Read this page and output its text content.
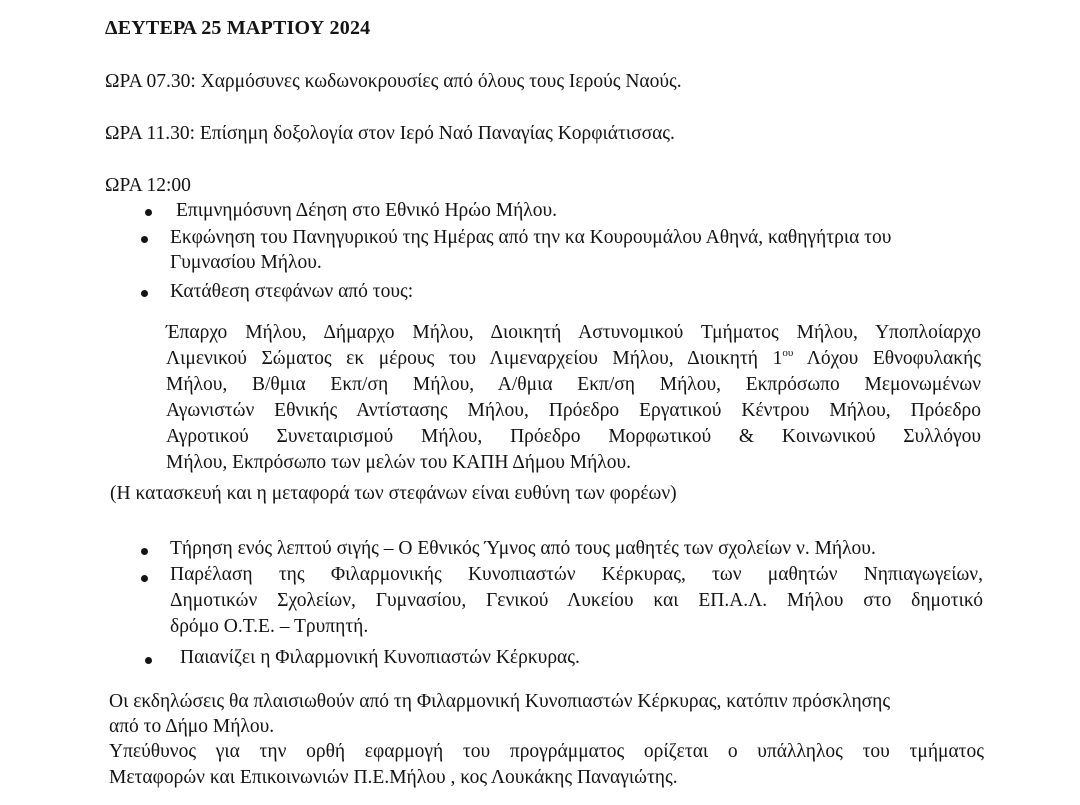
ΔΕΥΤΕΡΑ 25 ΜΑΡΤΙΟΥ 2024
ΩΡΑ 07.30: Χαρμόσυνες κωδωνοκρουσίες από όλους τους Ιερούς Ναούς.
ΩΡΑ 11.30: Επίσημη δοξολογία στον Ιερό Ναό Παναγίας Κορφιάτισσας.
ΩΡΑ 12:00
Επιμνημόσυνη Δέηση στο Εθνικό Ηρώο Μήλου.
Εκφώνηση του Πανηγυρικού της Ημέρας από την κα Κουρουμάλου Αθηνά, καθηγήτρια του
Γυμνασίου Μήλου.
Κατάθεση στεφάνων από τους:
Έπαρχο Μήλου, Δήμαρχο Μήλου, Διοικητή Αστυνομικού Τμήματος Μήλου, Υποπλοίαρχο
Λιμενικού Σώματος εκ μέρους του Λιμεναρχείου Μήλου, Διοικητή $1^{o\upsilon}$ Λόχου Εθνοφυλακής
Μήλου, Β/θμια Εκπ/ση Μήλου, Α/θμια Εκπ/ση Μήλου, Εκπρόσωπο Μεμονωμένων
Αγωνιστών Εθνικής Αντίστασης Μήλου, Πρόεδρο Εργατικού Κέντρου Μήλου, Πρόεδρο
Αγροτικού Συνεταιρισμού Μήλου, Πρόεδρο Μορφωτικού & Κοινωνικού Συλλόγου
Μήλου, Εκπρόσωπο των μελών του ΚΑΠΗ Δήμου Μήλου.
(Η κατασκευή και η μεταφορά των στεφάνων είναι ευθύνη των φορέων)
Τήρηση ενός λεπτού σιγής – Ο Εθνικός Ύμνος από τους μαθητές των σχολείων ν. Μήλου.
Παρέλαση της Φιλαρμονικής Κυνοπιαστών Κέρκυρας, των μαθητών Νηπιαγωγείων,
Δημοτικών Σχολείων, Γυμνασίου, Γενικού Λυκείου και ΕΠ.Α.Λ. Μήλου στο δημοτικό
δρόμο Ο.Τ.Ε. – Τρυπητή.
Παιανίζει η Φιλαρμονική Κυνοπιαστών Κέρκυρας.
Οι εκδηλώσεις θα πλαισιωθούν από τη Φιλαρμονική Κυνοπιαστών Κέρκυρας, κατόπιν πρόσκλησης
από το Δήμο Μήλου.
Υπεύθυνος για την ορθή εφαρμογή του προγράμματος ορίζεται ο υπάλληλος του τμήματος
Μεταφορών και Επικοινωνιών Π.Ε.Μήλου , κος Λουκάκης Παναγιώτης.
